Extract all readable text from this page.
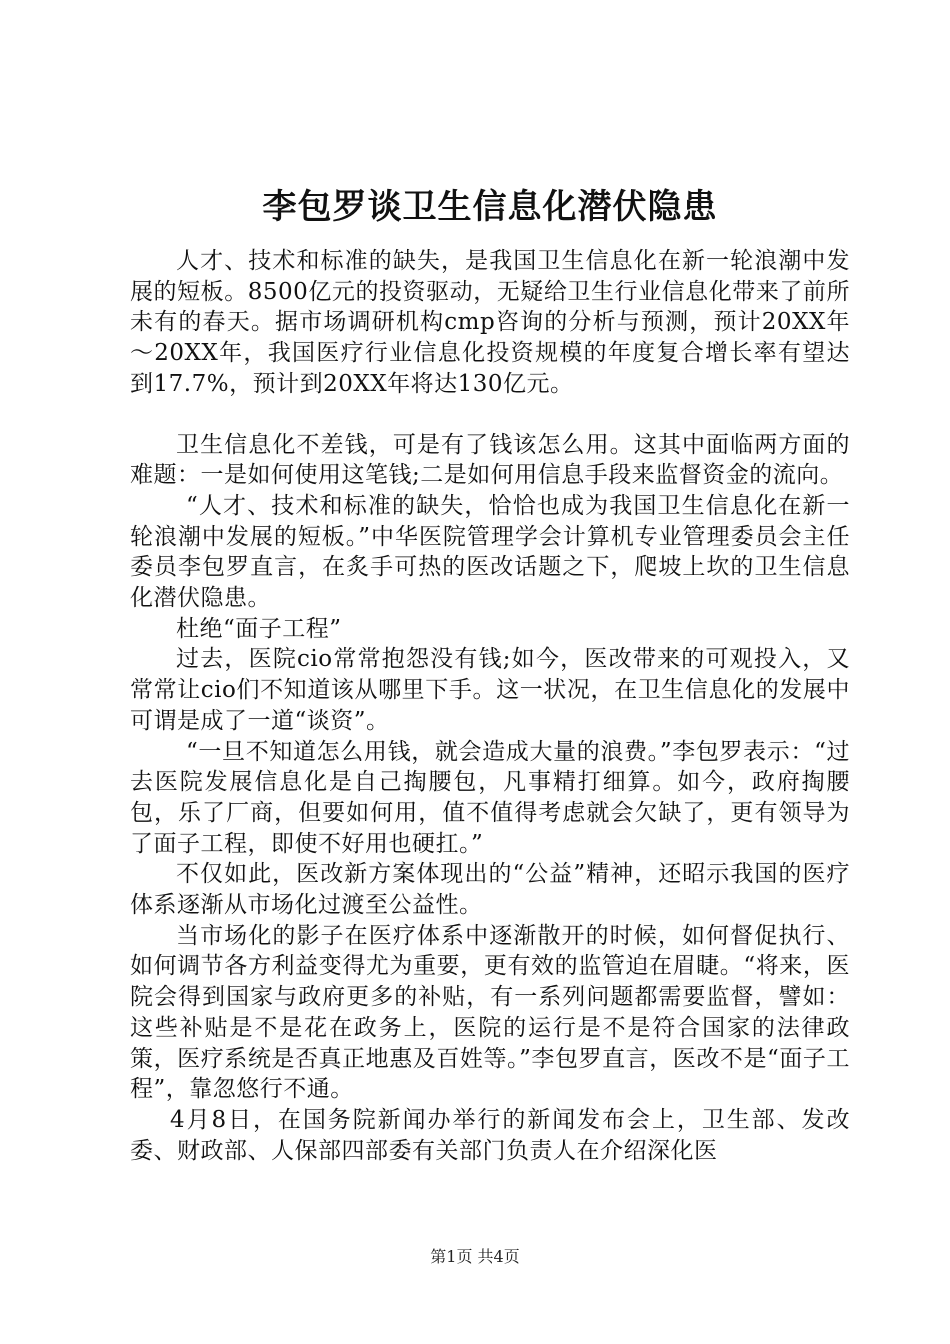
李包罗谈卫生信息化潜伏隐患

人才、技术和标准的缺失，是我国卫生信息化在新一轮浪潮中发展的短板。8500亿元的投资驱动，无疑给卫生行业信息化带来了前所未有的春天。据市场调研机构cmp咨询的分析与预测，预计20XX年～20XX年，我国医疗行业信息化投资规模的年度复合增长率有望达到17.7%，预计到20XX年将达130亿元。

卫生信息化不差钱，可是有了钱该怎么用。这其中面临两方面的难题：一是如何使用这笔钱;二是如何用信息手段来监督资金的流向。

“人才、技术和标准的缺失，恰恰也成为我国卫生信息化在新一轮浪潮中发展的短板。”中华医院管理学会计算机专业管理委员会主任委员李包罗直言，在炙手可热的医改话题之下，爬坡上坎的卫生信息化潜伏隐患。

杜绝“面子工程”

过去，医院cio常常抱怨没有钱;如今，医改带来的可观投入，又常常让cio们不知道该从哪里下手。这一状况，在卫生信息化的发展中可谓是成了一道“谈资”。

“一旦不知道怎么用钱，就会造成大量的浪费。”李包罗表示：“过去医院发展信息化是自己掏腰包，凡事精打细算。如今，政府掏腰包，乐了厂商，但要如何用，值不值得考虑就会欠缺了，更有领导为了面子工程，即使不好用也硬扛。”

不仅如此，医改新方案体现出的“公益”精神，还昭示我国的医疗体系逐渐从市场化过渡至公益性。

当市场化的影子在医疗体系中逐渐散开的时候，如何督促执行、如何调节各方利益变得尤为重要，更有效的监管迫在眉睫。“将来，医院会得到国家与政府更多的补贴，有一系列问题都需要监督，譬如：这些补贴是不是花在政务上，医院的运行是不是符合国家的法律政策，医疗系统是否真正地惠及百姓等。”李包罗直言，医改不是“面子工程”，靠忽悠行不通。

4月8日，在国务院新闻办举行的新闻发布会上，卫生部、发改委、财政部、人保部四部委有关部门负责人在介绍深化医

第1页 共4页
